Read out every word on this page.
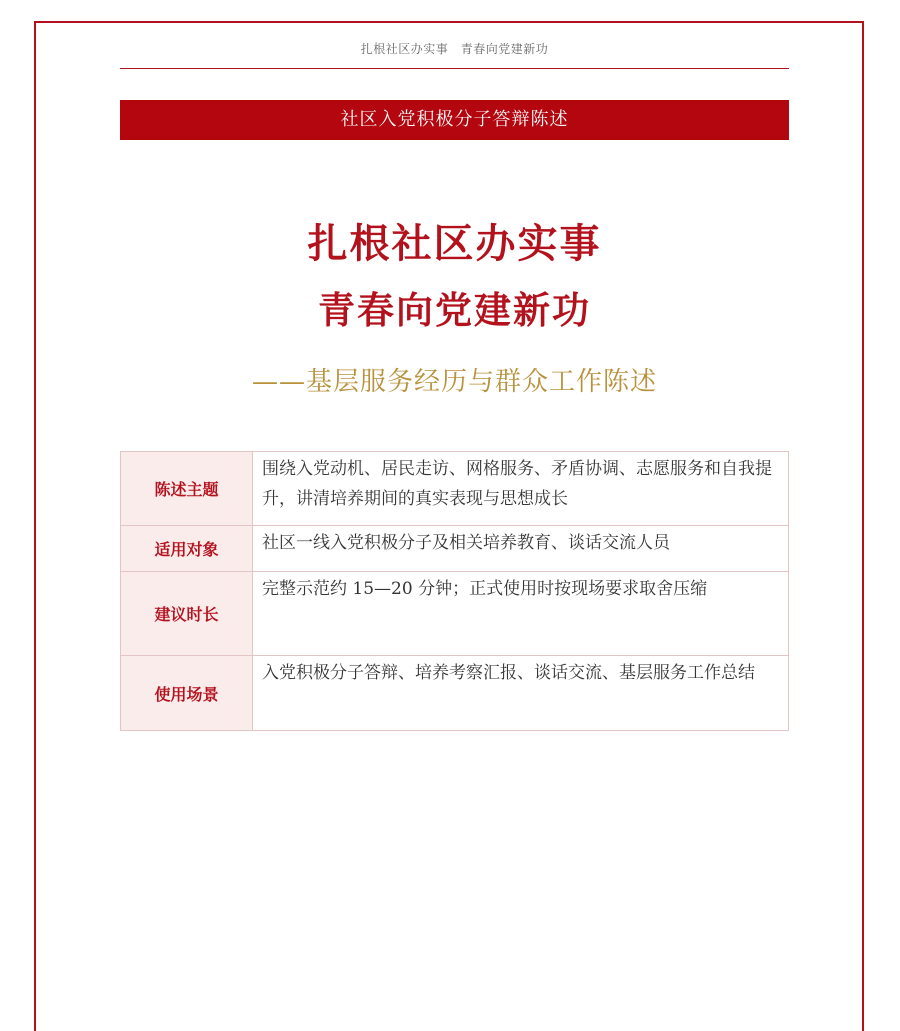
扎根社区办实事　青春向党建新功
社区入党积极分子答辩陈述
扎根社区办实事
青春向党建新功
——基层服务经历与群众工作陈述
陈述主题	围绕入党动机、居民走访、网格服务、矛盾协调、志愿服务和自我提升，讲清培养期间的真实表现与思想成长
适用对象	社区一线入党积极分子及相关培养教育、谈话交流人员
建议时长	完整示范约 15—20 分钟；正式使用时按现场要求取舍压缩
使用场景	入党积极分子答辩、培养考察汇报、谈话交流、基层服务工作总结
